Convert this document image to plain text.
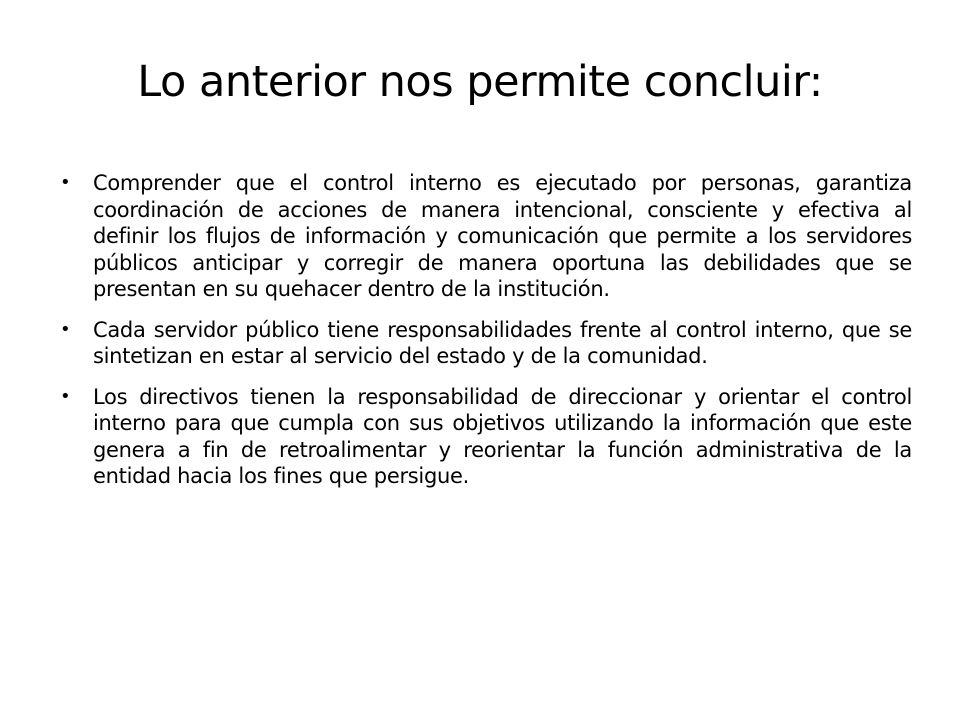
Lo anterior nos permite concluir:
• Comprender que el control interno es ejecutado por personas, garantiza coordinación de acciones de manera intencional, consciente y efectiva al definir los flujos de información y comunicación que permite a los servidores públicos anticipar y corregir de manera oportuna las debilidades que se presentan en su quehacer dentro de la institución.
• Cada servidor público tiene responsabilidades frente al control interno, que se sintetizan en estar al servicio del estado y de la comunidad.
• Los directivos tienen la responsabilidad de direccionar y orientar el control interno para que cumpla con sus objetivos utilizando la información que este genera a fin de retroalimentar y reorientar la función administrativa de la entidad hacia los fines que persigue.
